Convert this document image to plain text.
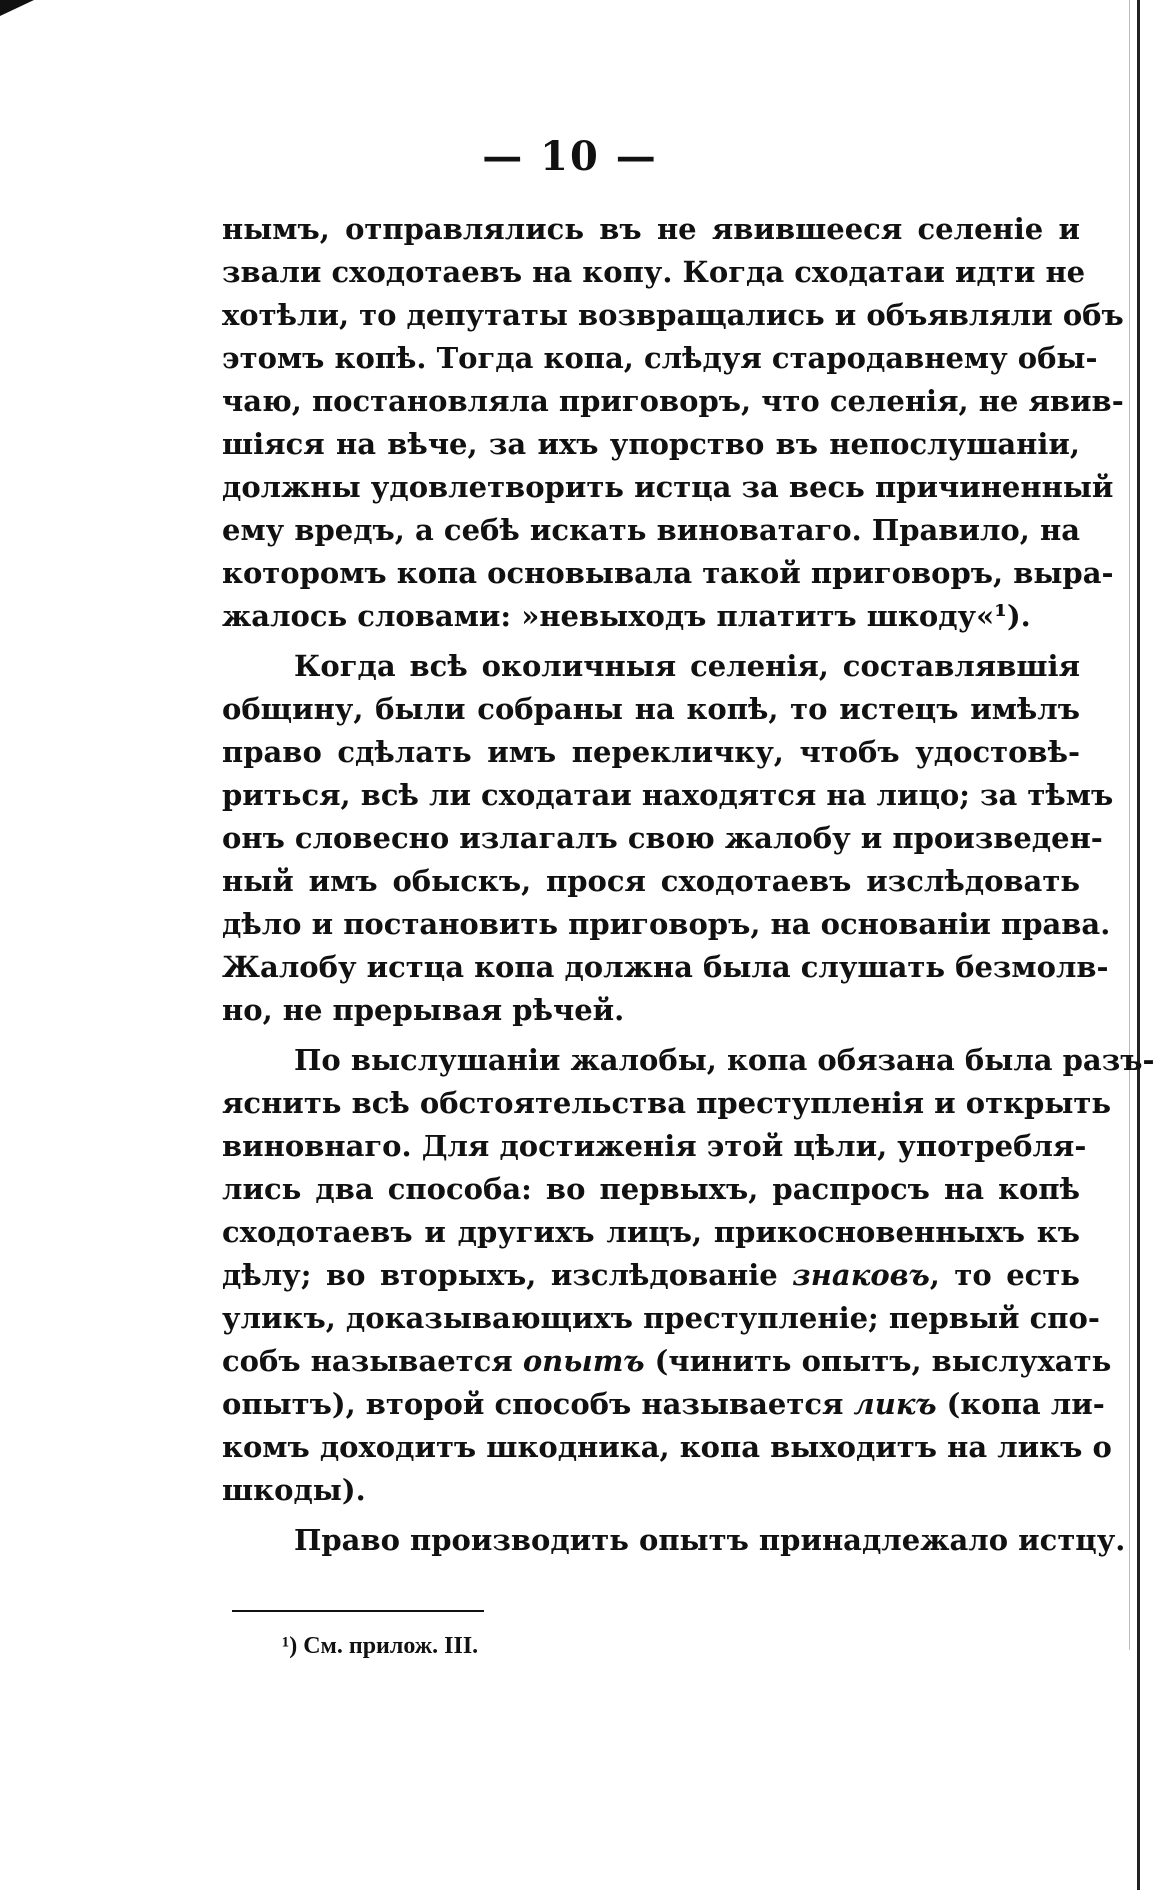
— 10 —
нымъ, отправлялись въ не явившееся селенiе и
звали сходотаевъ на копу. Когда сходатаи идти не
хотѣли, то депутаты возвращались и объявляли объ
этомъ копѣ. Тогда копа, слѣдуя стародавнему обы-
чаю, постановляла приговоръ, что селенiя, не явив-
шiяся на вѣче, за ихъ упорство въ непослушанiи,
должны удовлетворить истца за весь причиненный
ему вредъ, а себѣ искать виноватаго. Правило, на
которомъ копа основывала такой приговоръ, выра-
жалось словами: »невыходъ платитъ шкоду«¹).
Когда всѣ околичныя селенiя, составлявшiя
общину, были собраны на копѣ, то истецъ имѣлъ
право сдѣлать имъ перекличку, чтобъ удостовѣ-
риться, всѣ ли сходатаи находятся на лицо; за тѣмъ
онъ словесно излагалъ свою жалобу и произведен-
ный имъ обыскъ, прося сходотаевъ изслѣдовать
дѣло и постановить приговоръ, на основанiи права.
Жалобу истца копа должна была слушать безмолв-
но, не прерывая рѣчей.
По выслушанiи жалобы, копа обязана была разъ-
яснить всѣ обстоятельства преступленiя и открыть
виновнаго. Для достиженiя этой цѣли, употребля-
лись два способа: во первыхъ, распросъ на копѣ
сходотаевъ и другихъ лицъ, прикосновенныхъ къ
дѣлу; во вторыхъ, изслѣдованiе знаковъ, то есть
уликъ, доказывающихъ преступленiе; первый спо-
собъ называется опытъ (чинить опытъ, выслухать
опытъ), второй способъ называется ликъ (копа ли-
комъ доходитъ шкодника, копа выходитъ на ликъ о
шкоды).
Право производить опытъ принадлежало истцу.
¹) См. прилож. III.
